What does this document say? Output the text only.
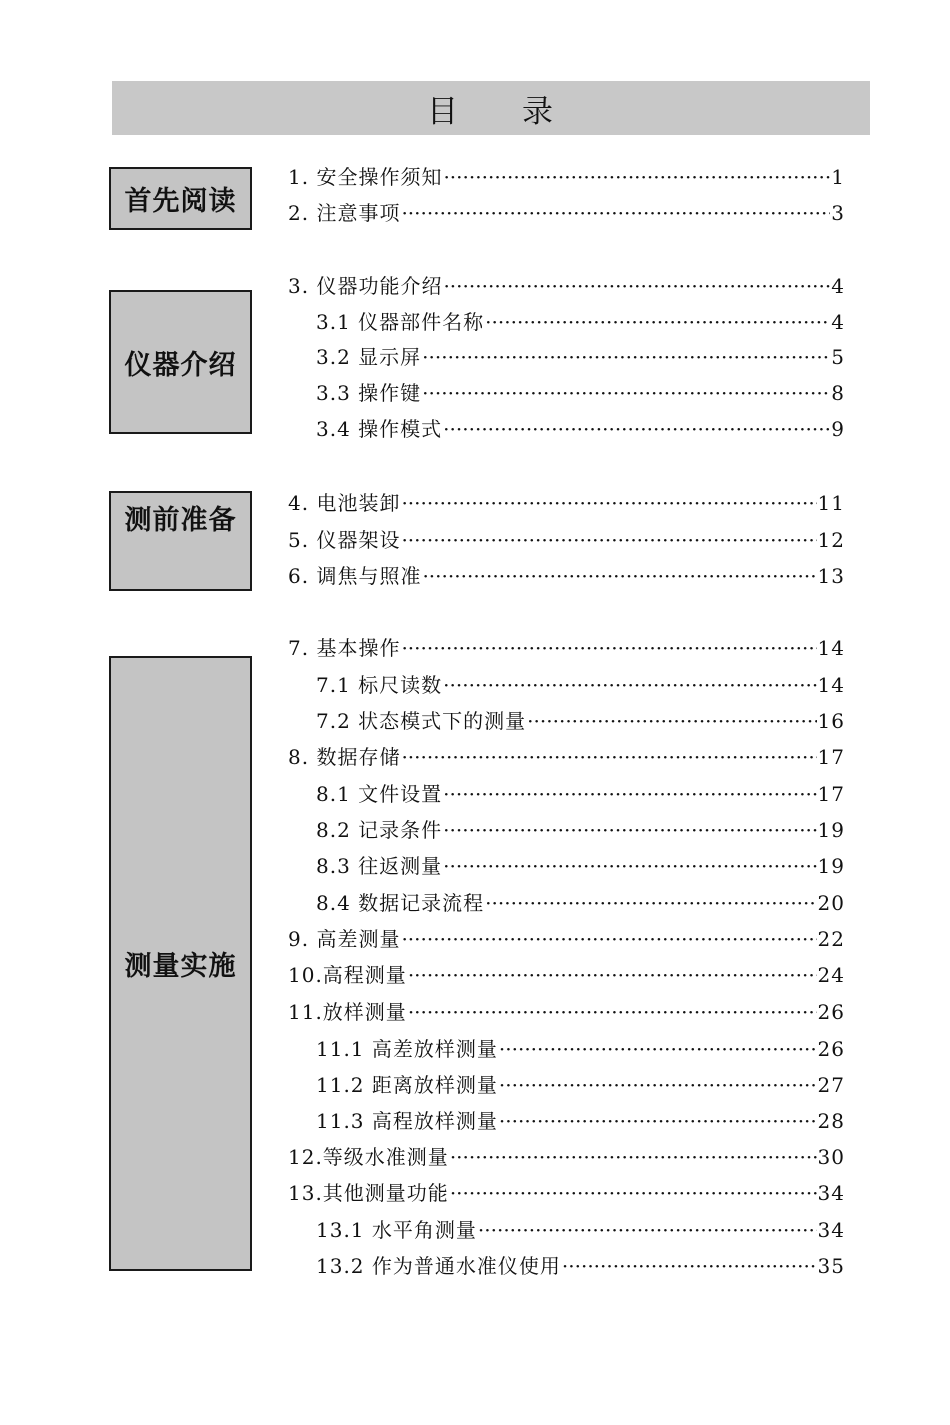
目 录
首先阅读
仪器介绍
测前准备
测量实施
1. 安全操作须知 ·····	1
2. 注意事项 ·····	3
3. 仪器功能介绍 ·····	4
3.1 仪器部件名称 ·····	4
3.2 显示屏 ·····	5
3.3 操作键 ·····	8
3.4 操作模式 ·····	9
4. 电池装卸 ·····	11
5. 仪器架设 ·····	12
6. 调焦与照准 ·····	13
7. 基本操作 ·····	14
7.1 标尺读数 ·····	14
7.2 状态模式下的测量 ·····	16
8. 数据存储 ·····	17
8.1 文件设置 ·····	17
8.2 记录条件 ·····	19
8.3 往返测量 ·····	19
8.4 数据记录流程 ·····	20
9. 高差测量 ·····	22
10.高程测量 ·····	24
11.放样测量 ·····	26
11.1 高差放样测量 ·····	26
11.2 距离放样测量 ·····	27
11.3 高程放样测量 ·····	28
12.等级水准测量 ·····	30
13.其他测量功能 ·····	34
13.1 水平角测量 ·····	34
13.2 作为普通水准仪使用 ·····	35
